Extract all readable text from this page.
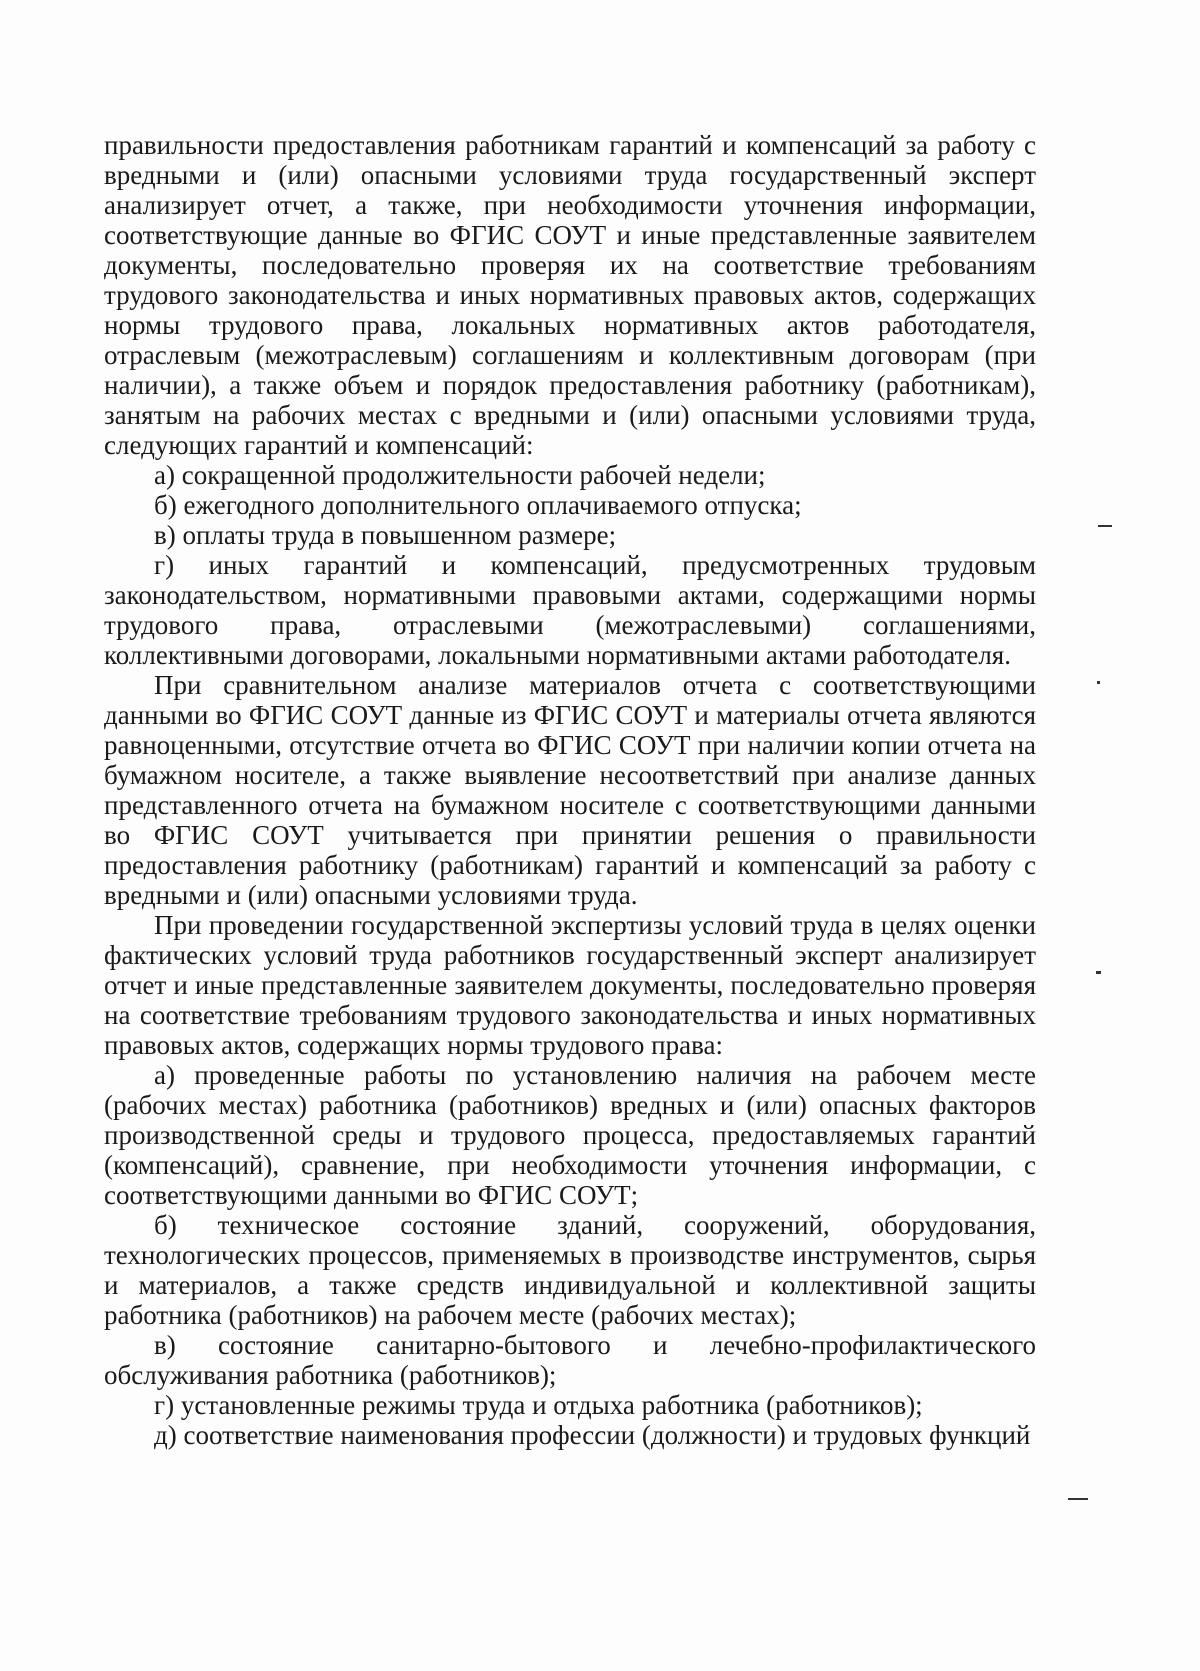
правильности предоставления работникам гарантий и компенсаций за работу с вредными и (или) опасными условиями труда государственный эксперт анализирует отчет, а также, при необходимости уточнения информации, соответствующие данные во ФГИС СОУТ и иные представленные заявителем документы, последовательно проверяя их на соответствие требованиям трудового законодательства и иных нормативных правовых актов, содержащих нормы трудового права, локальных нормативных актов работодателя, отраслевым (межотраслевым) соглашениям и коллективным договорам (при наличии), а также объем и порядок предоставления работнику (работникам), занятым на рабочих местах с вредными и (или) опасными условиями труда, следующих гарантий и компенсаций:

а) сокращенной продолжительности рабочей недели;

б) ежегодного дополнительного оплачиваемого отпуска;

в) оплаты труда в повышенном размере;

г) иных гарантий и компенсаций, предусмотренных трудовым законодательством, нормативными правовыми актами, содержащими нормы трудового права, отраслевыми (межотраслевыми) соглашениями, коллективными договорами, локальными нормативными актами работодателя.

При сравнительном анализе материалов отчета с соответствующими данными во ФГИС СОУТ данные из ФГИС СОУТ и материалы отчета являются равноценными, отсутствие отчета во ФГИС СОУТ при наличии копии отчета на бумажном носителе, а также выявление несоответствий при анализе данных представленного отчета на бумажном носителе с соответствующими данными во ФГИС СОУТ учитывается при принятии решения о правильности предоставления работнику (работникам) гарантий и компенсаций за работу с вредными и (или) опасными условиями труда.

При проведении государственной экспертизы условий труда в целях оценки фактических условий труда работников государственный эксперт анализирует отчет и иные представленные заявителем документы, последовательно проверяя на соответствие требованиям трудового законодательства и иных нормативных правовых актов, содержащих нормы трудового права:

а) проведенные работы по установлению наличия на рабочем месте (рабочих местах) работника (работников) вредных и (или) опасных факторов производственной среды и трудового процесса, предоставляемых гарантий (компенсаций), сравнение, при необходимости уточнения информации, с соответствующими данными во ФГИС СОУТ;

б) техническое состояние зданий, сооружений, оборудования, технологических процессов, применяемых в производстве инструментов, сырья и материалов, а также средств индивидуальной и коллективной защиты работника (работников) на рабочем месте (рабочих местах);

в) состояние санитарно-бытового и лечебно-профилактического обслуживания работника (работников);

г) установленные режимы труда и отдыха работника (работников);

д) соответствие наименования профессии (должности) и трудовых функций
